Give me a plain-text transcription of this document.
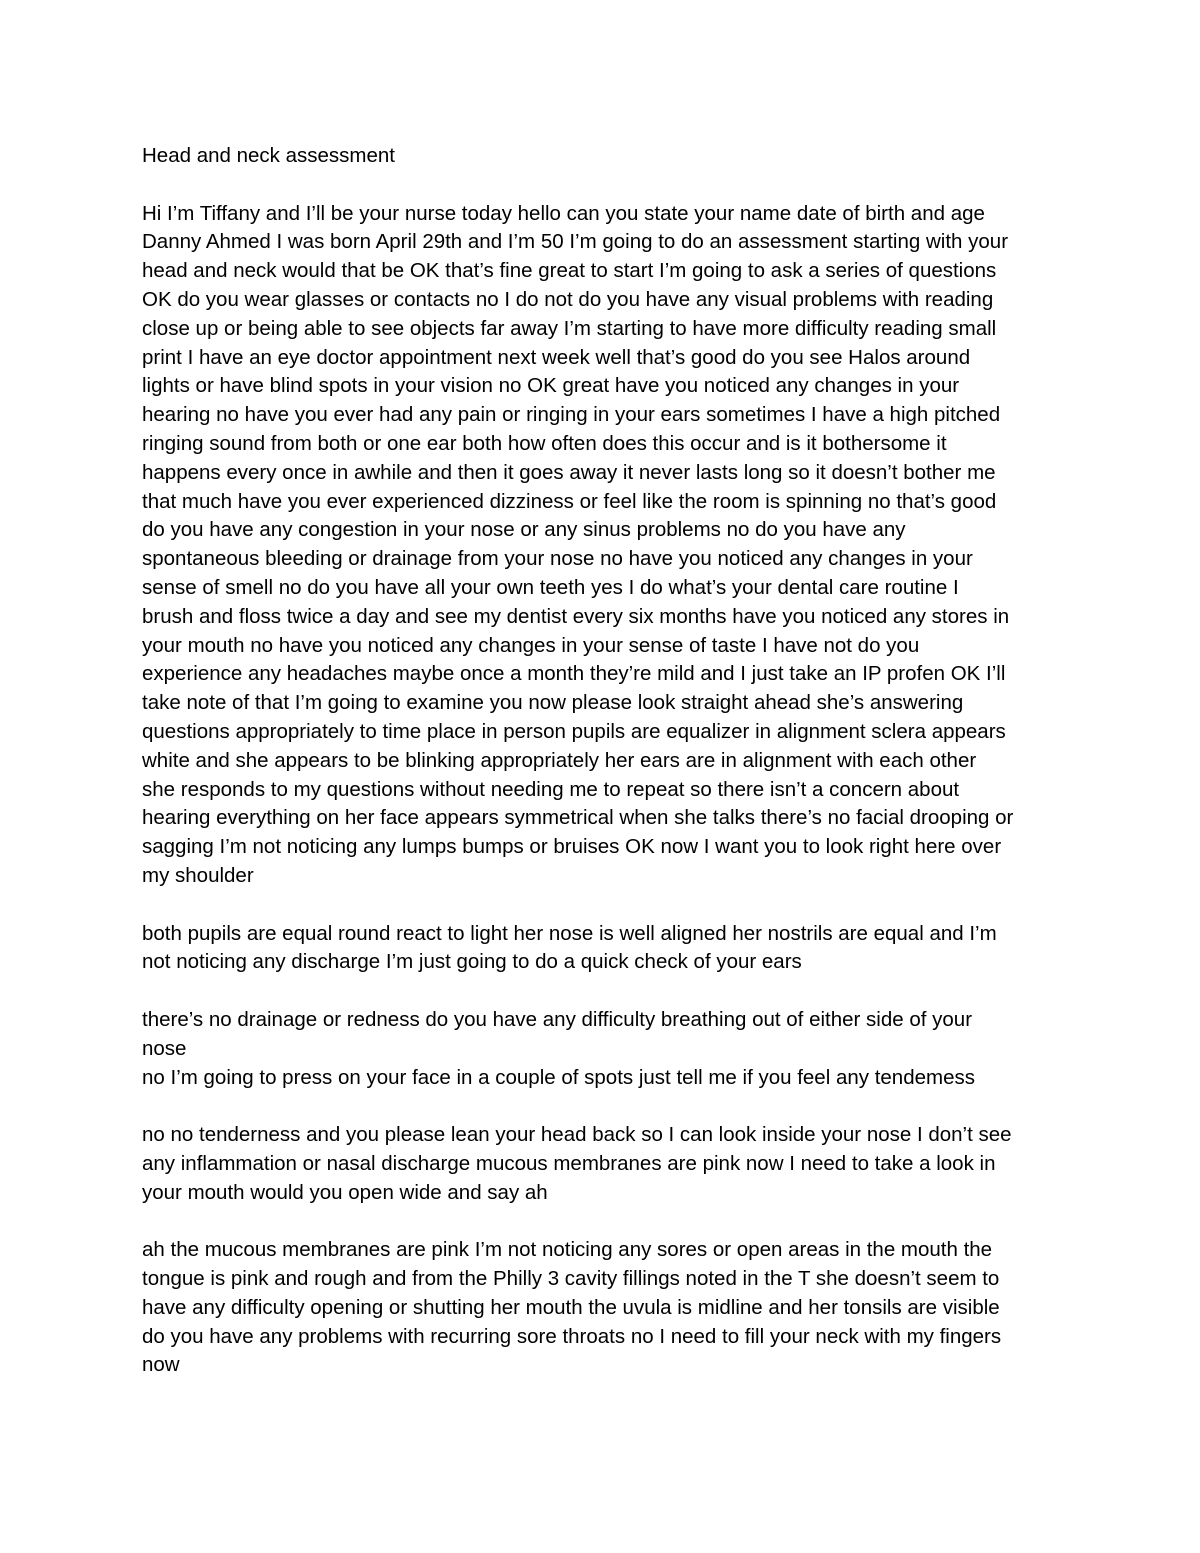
Head and neck assessment

Hi I’m Tiffany and I’ll be your nurse today hello can you state your name date of birth and age
Danny Ahmed I was born April 29th and I’m 50 I’m going to do an assessment starting with your
head and neck would that be OK that’s fine great to start I’m going to ask a series of questions
OK do you wear glasses or contacts no I do not do you have any visual problems with reading
close up or being able to see objects far away I’m starting to have more difficulty reading small
print I have an eye doctor appointment next week well that’s good do you see Halos around
lights or have blind spots in your vision no OK great have you noticed any changes in your
hearing no have you ever had any pain or ringing in your ears sometimes I have a high pitched
ringing sound from both or one ear both how often does this occur and is it bothersome it
happens every once in awhile and then it goes away it never lasts long so it doesn’t bother me
that much have you ever experienced dizziness or feel like the room is spinning no that’s good
do you have any congestion in your nose or any sinus problems no do you have any
spontaneous bleeding or drainage from your nose no have you noticed any changes in your
sense of smell no do you have all your own teeth yes I do what’s your dental care routine I
brush and floss twice a day and see my dentist every six months have you noticed any stores in
your mouth no have you noticed any changes in your sense of taste I have not do you
experience any headaches maybe once a month they’re mild and I just take an IP profen OK I’ll
take note of that I’m going to examine you now please look straight ahead she’s answering
questions appropriately to time place in person pupils are equalizer in alignment sclera appears
white and she appears to be blinking appropriately her ears are in alignment with each other
she responds to my questions without needing me to repeat so there isn’t a concern about
hearing everything on her face appears symmetrical when she talks there’s no facial drooping or
sagging I’m not noticing any lumps bumps or bruises OK now I want you to look right here over
my shoulder

both pupils are equal round react to light her nose is well aligned her nostrils are equal and I’m
not noticing any discharge I’m just going to do a quick check of your ears

there’s no drainage or redness do you have any difficulty breathing out of either side of your
nose

no I’m going to press on your face in a couple of spots just tell me if you feel any tendemess

no no tenderness and you please lean your head back so I can look inside your nose I don’t see
any inflammation or nasal discharge mucous membranes are pink now I need to take a look in
your mouth would you open wide and say ah

ah the mucous membranes are pink I’m not noticing any sores or open areas in the mouth the
tongue is pink and rough and from the Philly 3 cavity fillings noted in the T she doesn’t seem to
have any difficulty opening or shutting her mouth the uvula is midline and her tonsils are visible
do you have any problems with recurring sore throats no I need to fill your neck with my fingers
now
